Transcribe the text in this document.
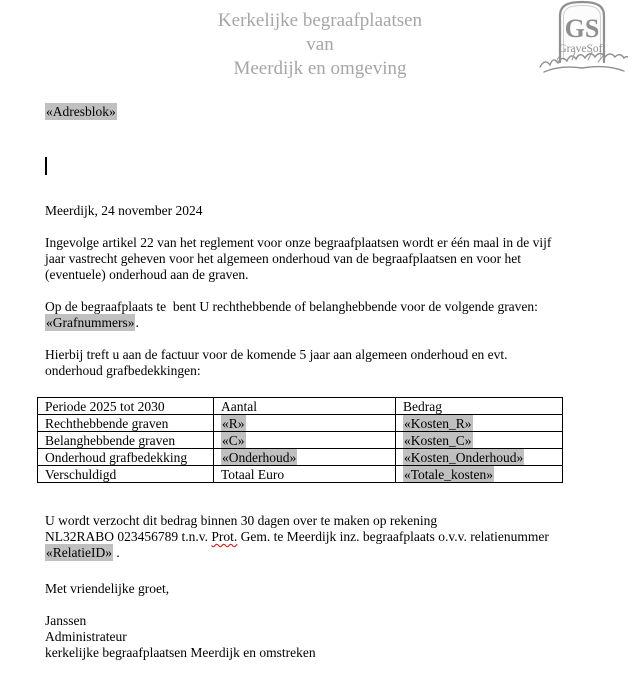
Kerkelijke begraafplaatsen
van
Meerdijk en omgeving
GS
GraveSoft
«Adresblok»
Meerdijk, 24 november 2024
Ingevolge artikel 22 van het reglement voor onze begraafplaatsen wordt er één maal in de vijf
jaar vastrecht geheven voor het algemeen onderhoud van de begraafplaatsen en voor het
(eventuele) onderhoud aan de graven.
Op de begraafplaats te  bent U rechthebbende of belanghebbende voor de volgende graven:
«Grafnummers».
Hierbij treft u aan de factuur voor de komende 5 jaar aan algemeen onderhoud en evt.
onderhoud grafbedekkingen:
Periode 2025 tot 2030	Aantal	Bedrag
Rechthebbende graven	«R»	«Kosten_R»
Belanghebbende graven	«C»	«Kosten_C»
Onderhoud grafbedekking	«Onderhoud»	«Kosten_Onderhoud»
Verschuldigd	Totaal Euro	«Totale_kosten»
U wordt verzocht dit bedrag binnen 30 dagen over te maken op rekening
NL32RABO 023456789 t.n.v. Prot. Gem. te Meerdijk inz. begraafplaats o.v.v. relatienummer
«RelatieID» .
Met vriendelijke groet,
Janssen
Administrateur
kerkelijke begraafplaatsen Meerdijk en omstreken
